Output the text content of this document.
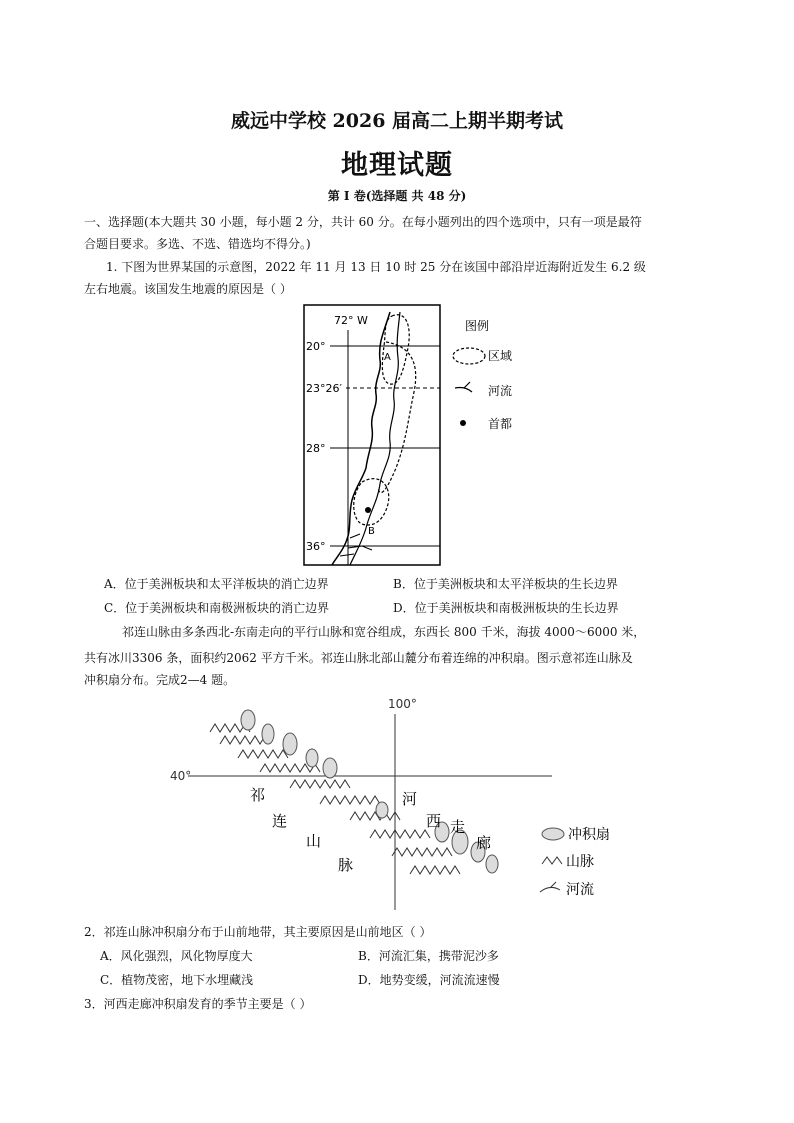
威远中学校 2026 届高二上期半期考试
地理试题
第 I 卷(选择题 共 48 分)
一、选择题(本大题共 30 小题，每小题 2 分，共计 60 分。在每小题列出的四个选项中，只有一项是最符
合题目要求。多选、不选、错选均不得分。)
1. 下图为世界某国的示意图，2022 年 11 月 13 日 10 时 25 分在该国中部沿岸近海附近发生 6.2 级
左右地震。该国发生地震的原因是（ ）
72° W
20°
23°26′
28°
36°
A
B
图例
区域
河流
首都
A．位于美洲板块和太平洋板块的消亡边界	B．位于美洲板块和太平洋板块的生长边界
C．位于美洲板块和南极洲板块的消亡边界	D．位于美洲板块和南极洲板块的生长边界
祁连山脉由多条西北-东南走向的平行山脉和宽谷组成，东西长 800 千米，海拔 4000～6000 米，
共有冰川3306 条，面积约2062 平方千米。祁连山脉北部山麓分布着连绵的冲积扇。图示意祁连山脉及
冲积扇分布。完成2—4 题。
100°
40°
祁
连
山
脉
河
西 走
廊	冲积扇
山脉
河流
2．祁连山脉冲积扇分布于山前地带，其主要原因是山前地区（ ）
A．风化强烈，风化物厚度大	B．河流汇集，携带泥沙多
C．植物茂密，地下水埋藏浅	D．地势变缓，河流流速慢
3．河西走廊冲积扇发育的季节主要是（ ）
